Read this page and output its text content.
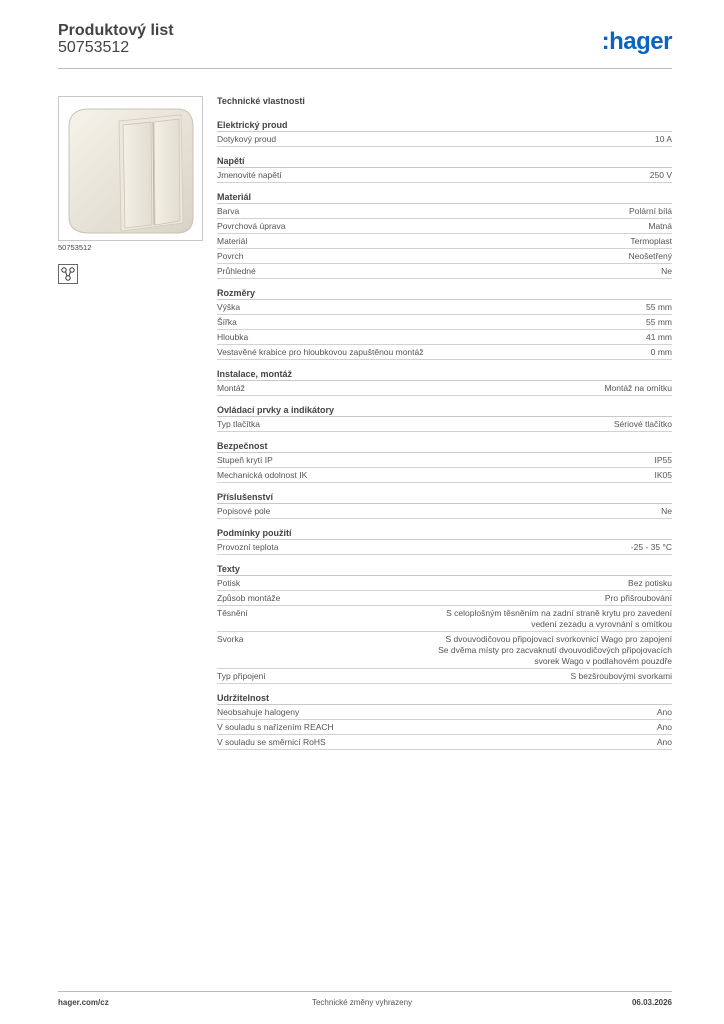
Produktový list
50753512	:hager
50753512
Technické vlastnosti
Elektrický proud
Dotykový proud	10 A
Napětí
Jmenovité napětí	250 V
Materiál
Barva	Polární bílá
Povrchová úprava	Matná
Materiál	Termoplast
Povrch	Neošetřený
Průhledné	Ne
Rozměry
Výška	55 mm
Šířka	55 mm
Hloubka	41 mm
Vestavěné krabice pro hloubkovou zapuštěnou montáž	0 mm
Instalace, montáž
Montáž	Montáž na omítku
Ovládací prvky a indikátory
Typ tlačítka	Sériové tlačítko
Bezpečnost
Stupeň krytí IP	IP55
Mechanická odolnost IK	IK05
Příslušenství
Popisové pole	Ne
Podmínky použití
Provozní teplota	-25 - 35 °C
Texty
Potisk	Bez potisku
Způsob montáže	Pro přišroubování
Těsnění	S celoplošným těsněním na zadní straně krytu pro zavedení vedení zezadu a vyrovnání s omítkou
Svorka	S dvouvodičovou připojovací svorkovnicí Wago pro zapojení Se dvěma místy pro zacvaknutí dvouvodičových připojovacích svorek Wago v podlahovém pouzdře
Typ připojení	S bezšroubovými svorkami
Udržitelnost
Neobsahuje halogeny	Ano
V souladu s nařízením REACH	Ano
V souladu se směrnicí RoHS	Ano
hager.com/cz	Technické změny vyhrazeny	06.03.2026
